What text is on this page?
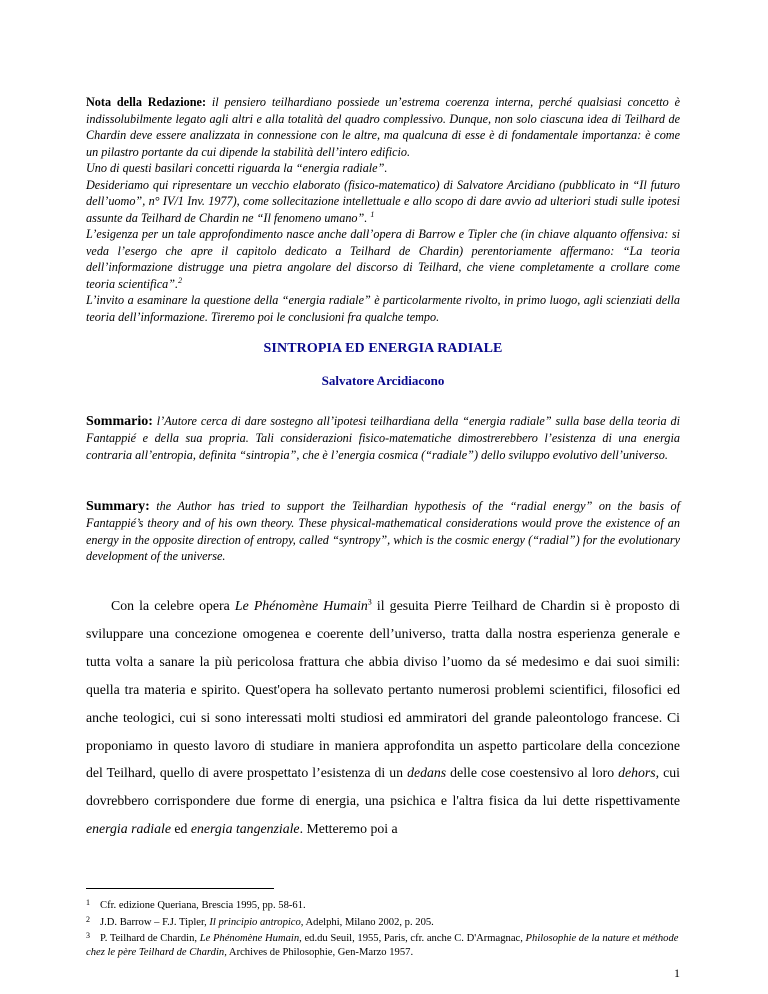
Nota della Redazione: il pensiero teilhardiano possiede un’estrema coerenza interna, perché qualsiasi concetto è indissolubilmente legato agli altri e alla totalità del quadro complessivo. Dunque, non solo ciascuna idea di Teilhard de Chardin deve essere analizzata in connessione con le altre, ma qualcuna di esse è di fondamentale importanza: è come un pilastro portante da cui dipende la stabilità dell’intero edificio.

Uno di questi basilari concetti riguarda la “energia radiale”.

Desideriamo qui ripresentare un vecchio elaborato (fisico-matematico) di Salvatore Arcidiano (pubblicato in “Il futuro dell’uomo”, n° IV/1 Inv. 1977), come sollecitazione intellettuale e allo scopo di dare avvio ad ulteriori studi sulle ipotesi assunte da Teilhard de Chardin ne “Il fenomeno umano”. $^1$

L’esigenza per un tale approfondimento nasce anche dall’opera di Barrow e Tipler che (in chiave alquanto offensiva: si veda l’esergo che apre il capitolo dedicato a Teilhard de Chardin) perentoriamente affermano: “La teoria dell’informazione distrugge una pietra angolare del discorso di Teilhard, che viene completamente a crollare come teoria scientifica”.$^2$

L’invito a esaminare la questione della “energia radiale” è particolarmente rivolto, in primo luogo, agli scienziati della teoria dell’informazione. Tireremo poi le conclusioni fra qualche tempo.

SINTROPIA ED ENERGIA RADIALE
Salvatore Arcidiacono
Sommario: l’Autore cerca di dare sostegno all’ipotesi teilhardiana della “energia radiale” sulla base della teoria di Fantappié e della sua propria. Tali considerazioni fisico-matematiche dimostrerebbero l’esistenza di una energia contraria all’entropia, definita “sintropia”, che è l’energia cosmica (“radiale”) dello sviluppo evolutivo dell’universo.
Summary: the Author has tried to support the Teilhardian hypothesis of the “radial energy” on the basis of Fantappié’s theory and of his own theory. These physical-mathematical considerations would prove the existence of an energy in the opposite direction of entropy, called “syntropy”, which is the cosmic energy (“radial”) for the evolutionary development of the universe.

Con la celebre opera Le Phénomène Humain$^3$ il gesuita Pierre Teilhard de Chardin si è proposto di sviluppare una concezione omogenea e coerente dell’universo, tratta dalla nostra esperienza generale e tutta volta a sanare la più pericolosa frattura che abbia diviso l’uomo da sé medesimo e dai suoi simili: quella tra materia e spirito. Quest'opera ha sollevato pertanto numerosi problemi scientifici, filosofici ed anche teologici, cui si sono interessati molti studiosi ed ammiratori del grande paleontologo francese. Ci proponiamo in questo lavoro di studiare in maniera approfondita un aspetto particolare della concezione del Teilhard, quello di avere prospettato l’esistenza di un dedans delle cose coestensivo al loro dehors, cui dovrebbero corrispondere due forme di energia, una psichica e l'altra fisica da lui dette rispettivamente energia radiale ed energia tangenziale. Metteremo poi a

1 Cfr. edizione Queriana, Brescia 1995, pp. 58-61.

2 J.D. Barrow – F.J. Tipler, Il principio antropico, Adelphi, Milano 2002, p. 205.

3 P. Teilhard de Chardin, Le Phénomène Humain, ed.du Seuil, 1955, Paris, cfr. anche C. D'Armagnac, Philosophie de la nature et méthode chez le père Teilhard de Chardin, Archives de Philosophie, Gen-Marzo 1957.

1
